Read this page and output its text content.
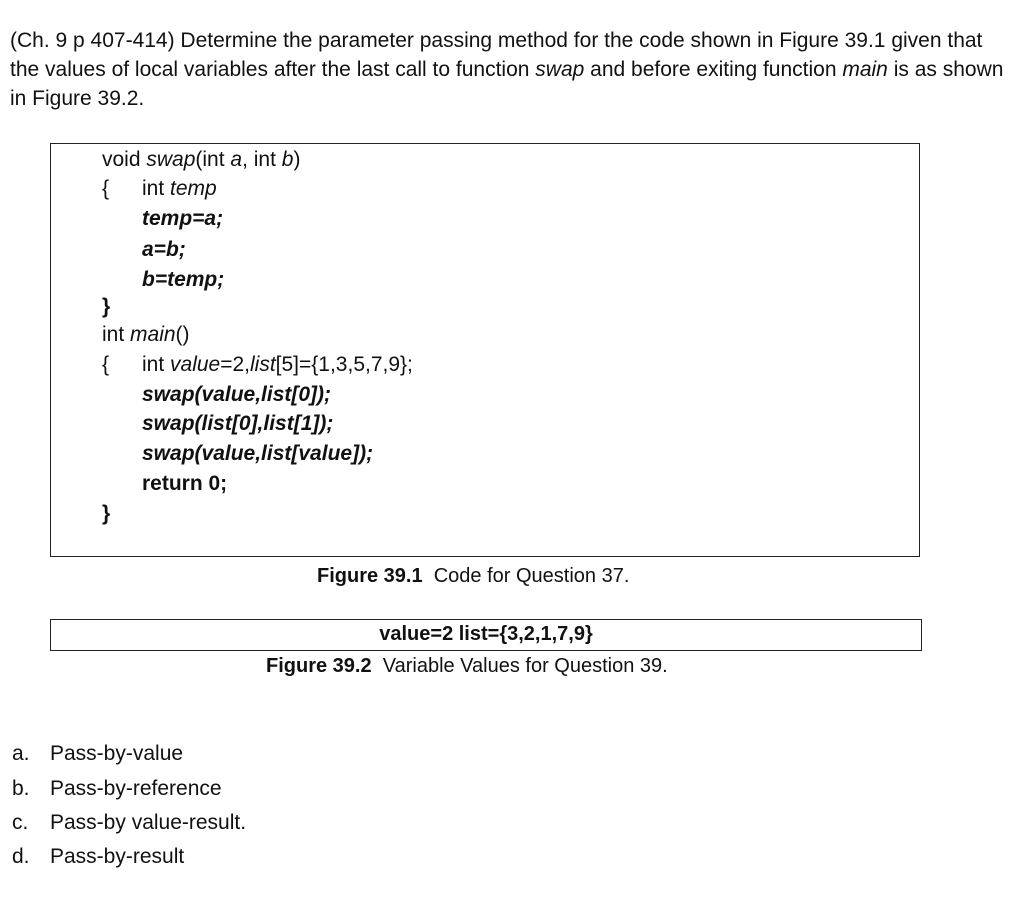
(Ch. 9 p 407-414) Determine the parameter passing method for the code shown in Figure 39.1 given that the values of local variables after the last call to function swap and before exiting function main is as shown in Figure 39.2.

void swap(int a, int b)
{ int temp
temp=a;
a=b;
b=temp;
}
int main()
{ int value=2,list[5]={1,3,5,7,9};
swap(value,list[0]);
swap(list[0],list[1]);
swap(value,list[value]);
return 0;
}
Figure 39.1 Code for Question 37.
value=2 list={3,2,1,7,9}
Figure 39.2 Variable Values for Question 39.
a. Pass-by-value
b. Pass-by-reference
c. Pass-by value-result.
d. Pass-by-result
